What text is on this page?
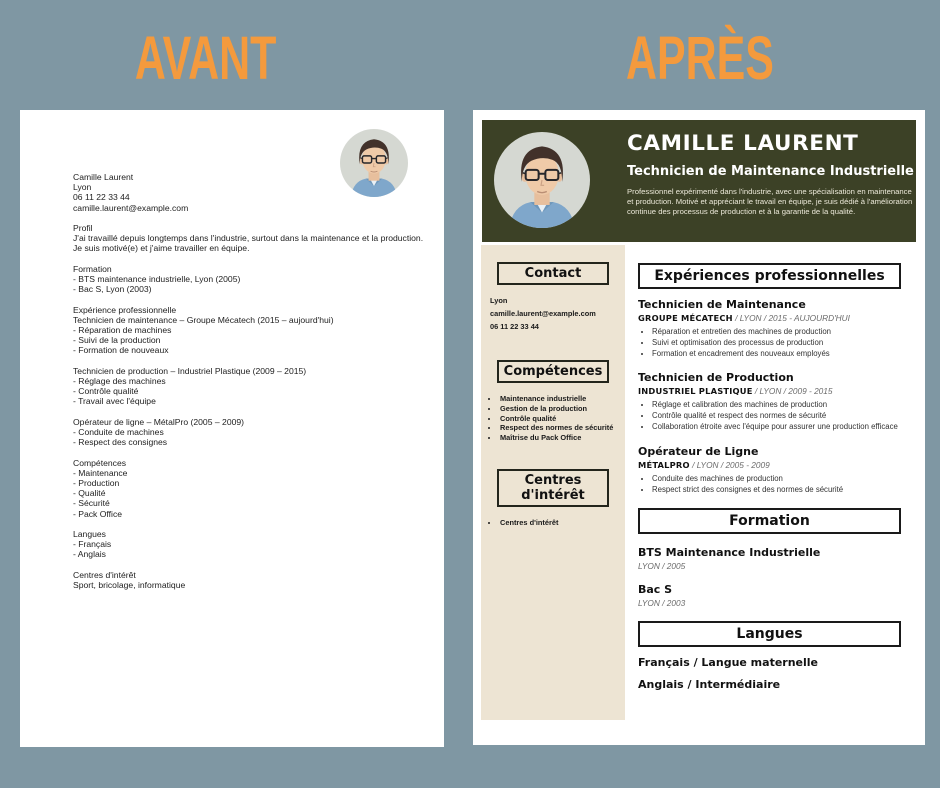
AVANT	APRÈS
Camille Laurent
Lyon
06 11 22 33 44
camille.laurent@example.com
Profil
J'ai travaillé depuis longtemps dans l'industrie, surtout dans la maintenance et la production.
Je suis motivé(e) et j'aime travailler en équipe.
Formation
- BTS maintenance industrielle, Lyon (2005)
- Bac S, Lyon (2003)
Expérience professionnelle
Technicien de maintenance – Groupe Mécatech (2015 – aujourd'hui)
- Réparation de machines
- Suivi de la production
- Formation de nouveaux
Technicien de production – Industriel Plastique (2009 – 2015)
- Réglage des machines
- Contrôle qualité
- Travail avec l'équipe
Opérateur de ligne – MétalPro (2005 – 2009)
- Conduite de machines
- Respect des consignes
Compétences
- Maintenance
- Production
- Qualité
- Sécurité
- Pack Office
Langues
- Français
- Anglais
Centres d'intérêt
Sport, bricolage, informatique
CAMILLE LAURENT
Technicien de Maintenance Industrielle
Professionnel expérimenté dans l'industrie, avec une spécialisation en maintenance et production. Motivé et appréciant le travail en équipe, je suis dédié à l'amélioration continue des processus de production et à la garantie de la qualité.
Contact
Lyon
camille.laurent@example.com
06 11 22 33 44
Compétences
• Maintenance industrielle
• Gestion de la production
• Contrôle qualité
• Respect des normes de sécurité
• Maîtrise du Pack Office
Centres d'intérêt
• Centres d'intérêt
Expériences professionnelles
Technicien de Maintenance
GROUPE MÉCATECH / LYON / 2015 - AUJOURD'HUI
• Réparation et entretien des machines de production
• Suivi et optimisation des processus de production
• Formation et encadrement des nouveaux employés
Technicien de Production
INDUSTRIEL PLASTIQUE / LYON / 2009 - 2015
• Réglage et calibration des machines de production
• Contrôle qualité et respect des normes de sécurité
• Collaboration étroite avec l'équipe pour assurer une production efficace
Opérateur de Ligne
MÉTALPRO / LYON / 2005 - 2009
• Conduite des machines de production
• Respect strict des consignes et des normes de sécurité
Formation
BTS Maintenance Industrielle
LYON / 2005
Bac S
LYON / 2003
Langues
Français / Langue maternelle
Anglais / Intermédiaire
